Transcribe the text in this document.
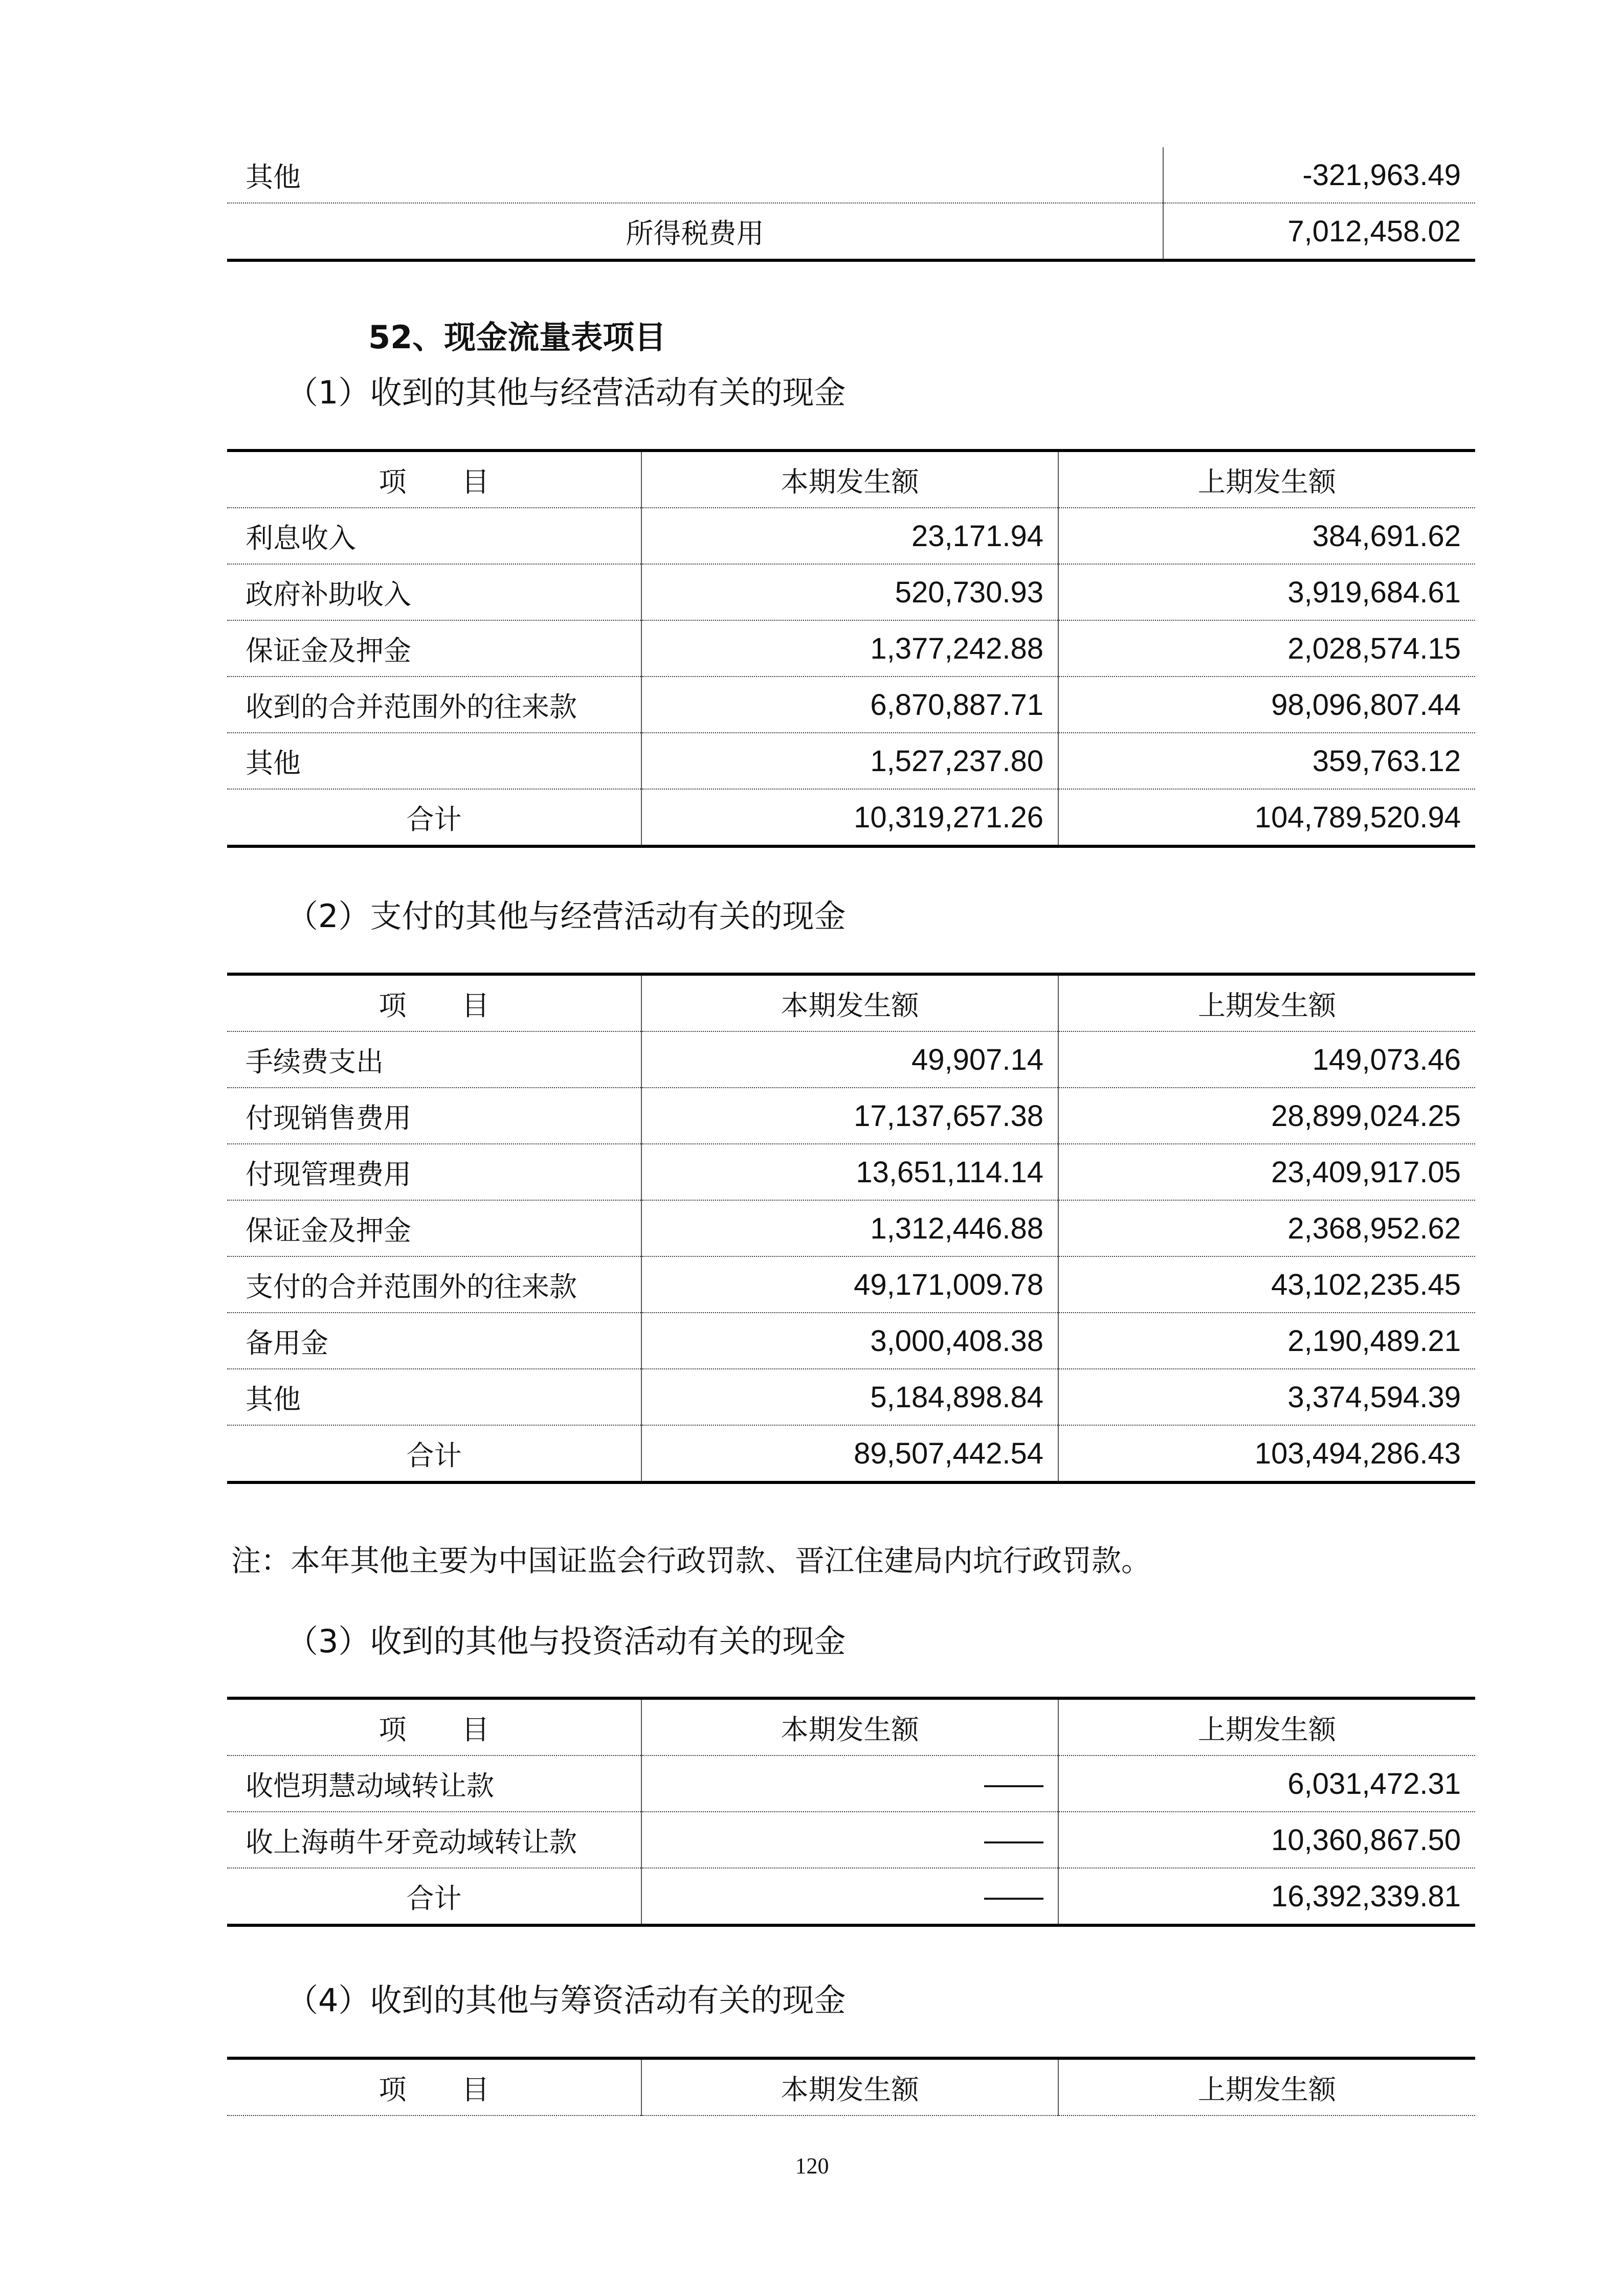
其他	-321,963.49
所得税费用	7,012,458.02
52、现金流量表项目
（1）收到的其他与经营活动有关的现金
项　　目	本期发生额	上期发生额
利息收入	23,171.94	384,691.62
政府补助收入	520,730.93	3,919,684.61
保证金及押金	1,377,242.88	2,028,574.15
收到的合并范围外的往来款	6,870,887.71	98,096,807.44
其他	1,527,237.80	359,763.12
合计	10,319,271.26	104,789,520.94
（2）支付的其他与经营活动有关的现金
项　　目	本期发生额	上期发生额
手续费支出	49,907.14	149,073.46
付现销售费用	17,137,657.38	28,899,024.25
付现管理费用	13,651,114.14	23,409,917.05
保证金及押金	1,312,446.88	2,368,952.62
支付的合并范围外的往来款	49,171,009.78	43,102,235.45
备用金	3,000,408.38	2,190,489.21
其他	5,184,898.84	3,374,594.39
合计	89,507,442.54	103,494,286.43
注：本年其他主要为中国证监会行政罚款、晋江住建局内坑行政罚款。
（3）收到的其他与投资活动有关的现金
项　　目	本期发生额	上期发生额
收恺玥慧动域转让款	——	6,031,472.31
收上海萌牛牙竞动域转让款	——	10,360,867.50
合计	——	16,392,339.81
（4）收到的其他与筹资活动有关的现金
项　　目	本期发生额	上期发生额
120
